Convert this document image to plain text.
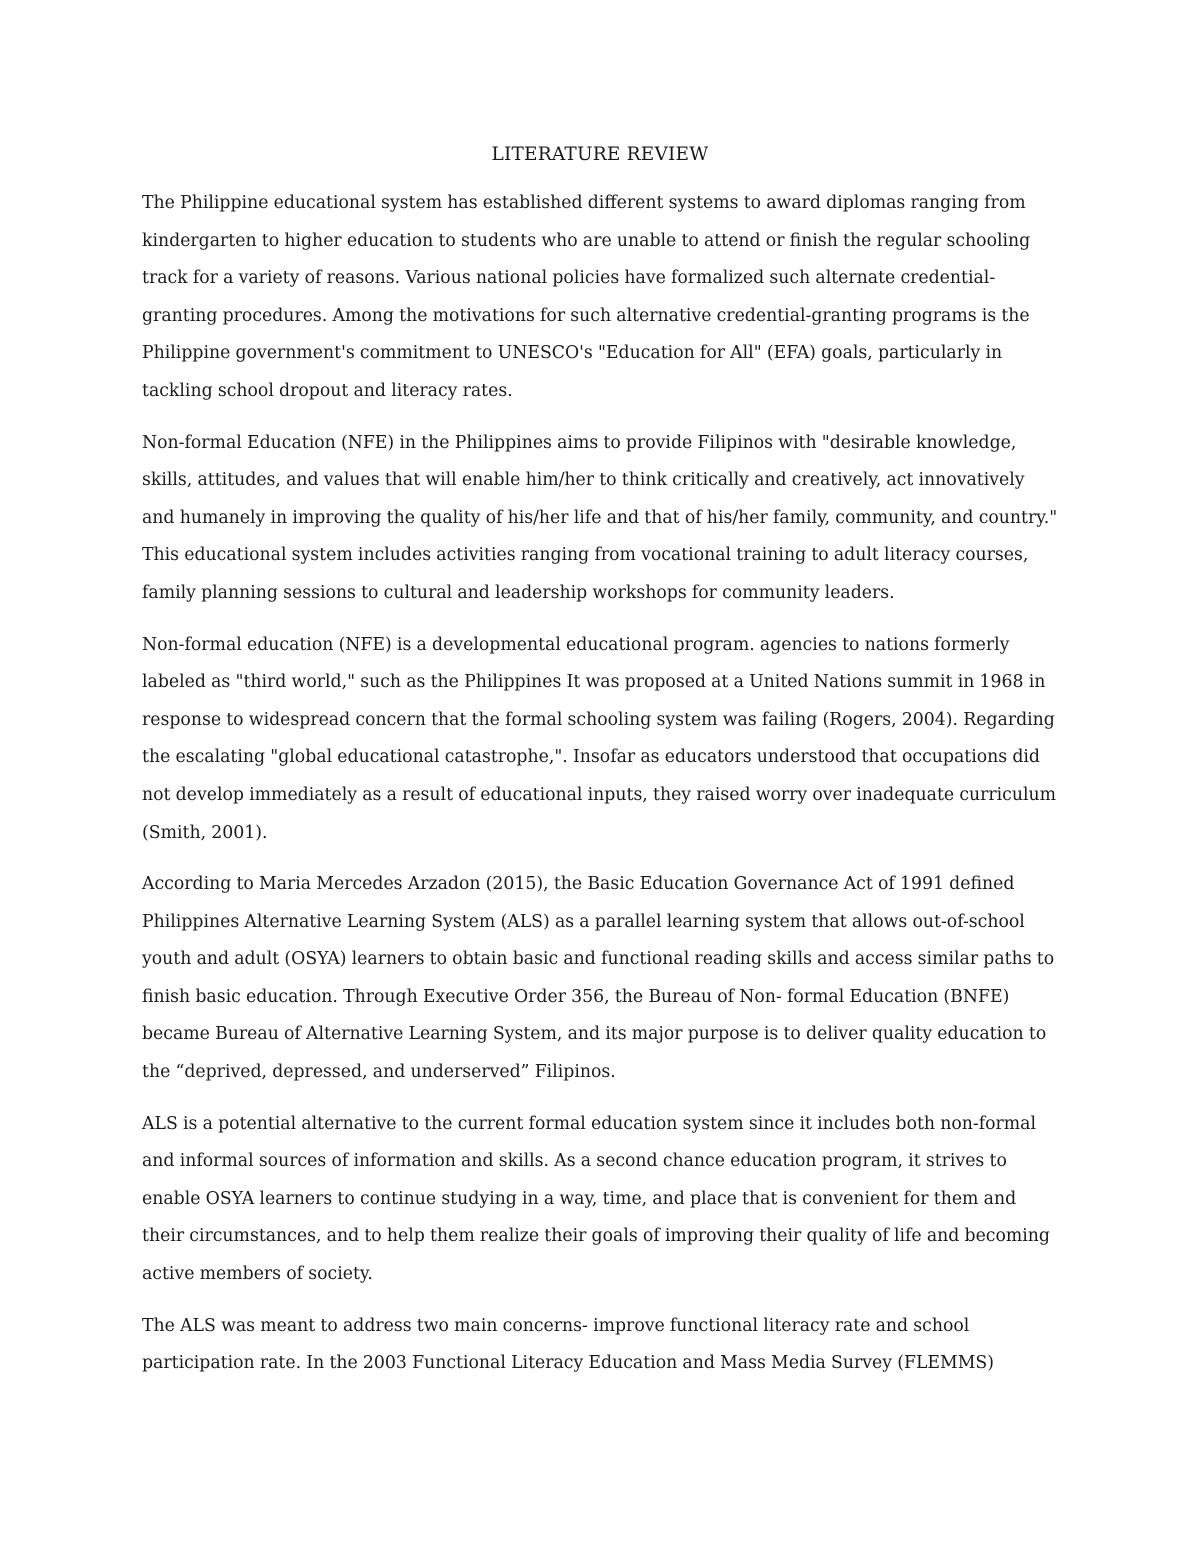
LITERATURE REVIEW

The Philippine educational system has established different systems to award diplomas ranging from kindergarten to higher education to students who are unable to attend or finish the regular schooling track for a variety of reasons. Various national policies have formalized such alternate credential-granting procedures. Among the motivations for such alternative credential-granting programs is the Philippine government's commitment to UNESCO's "Education for All" (EFA) goals, particularly in tackling school dropout and literacy rates.

Non-formal Education (NFE) in the Philippines aims to provide Filipinos with "desirable knowledge, skills, attitudes, and values that will enable him/her to think critically and creatively, act innovatively and humanely in improving the quality of his/her life and that of his/her family, community, and country." This educational system includes activities ranging from vocational training to adult literacy courses, family planning sessions to cultural and leadership workshops for community leaders.

Non-formal education (NFE) is a developmental educational program. agencies to nations formerly labeled as "third world," such as the Philippines It was proposed at a United Nations summit in 1968 in response to widespread concern that the formal schooling system was failing (Rogers, 2004). Regarding the escalating "global educational catastrophe,". Insofar as educators understood that occupations did not develop immediately as a result of educational inputs, they raised worry over inadequate curriculum (Smith, 2001).

According to Maria Mercedes Arzadon (2015), the Basic Education Governance Act of 1991 defined Philippines Alternative Learning System (ALS) as a parallel learning system that allows out-of-school youth and adult (OSYA) learners to obtain basic and functional reading skills and access similar paths to finish basic education. Through Executive Order 356, the Bureau of Non- formal Education (BNFE) became Bureau of Alternative Learning System, and its major purpose is to deliver quality education to the “deprived, depressed, and underserved” Filipinos.

ALS is a potential alternative to the current formal education system since it includes both non-formal and informal sources of information and skills. As a second chance education program, it strives to enable OSYA learners to continue studying in a way, time, and place that is convenient for them and their circumstances, and to help them realize their goals of improving their quality of life and becoming active members of society.

The ALS was meant to address two main concerns- improve functional literacy rate and school participation rate. In the 2003 Functional Literacy Education and Mass Media Survey (FLEMMS)
